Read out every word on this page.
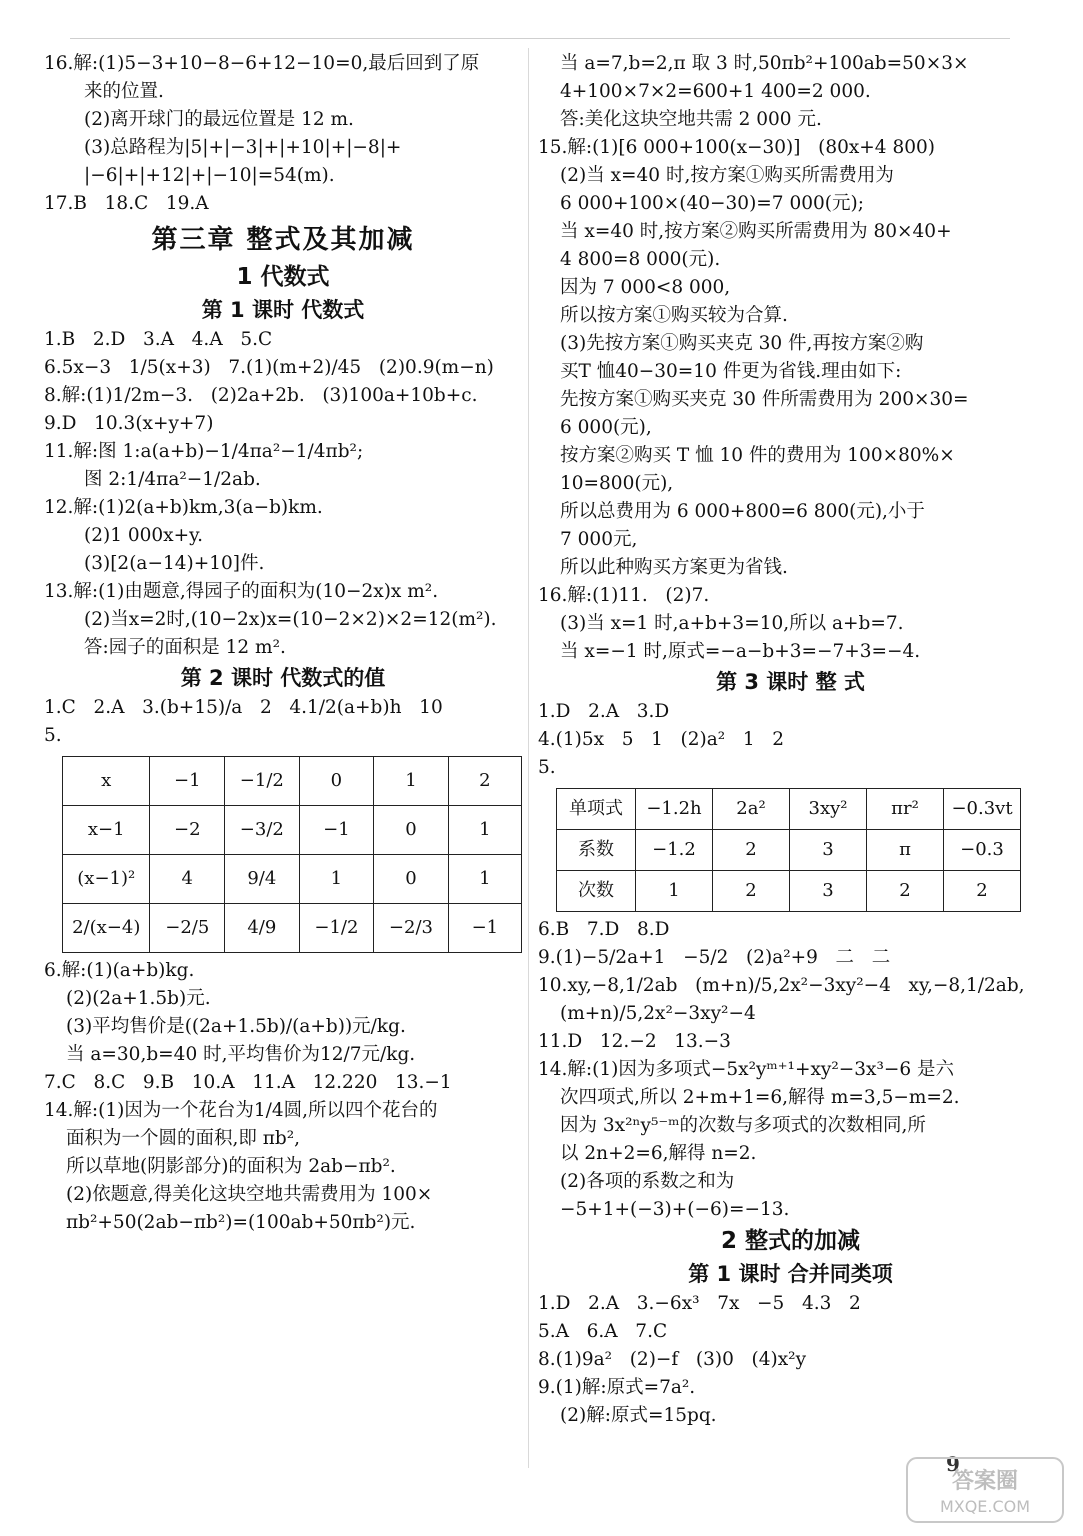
16.解:(1)5−3+10−8−6+12−10=0,最后回到了原

来的位置.

(2)离开球门的最远位置是 12 m.

(3)总路程为|5|+|−3|+|+10|+|−8|+

|−6|+|+12|+|−10|=54(m).

17.B   18.C   19.A

第三章 整式及其加减

1 代数式

第 1 课时 代数式

1.B   2.D   3.A   4.A   5.C

6.5x−3   1/5(x+3)   7.(1)(m+2)/45   (2)0.9(m−n)

8.解:(1)1/2m−3.   (2)2a+2b.   (3)100a+10b+c.

9.D   10.3(x+y+7)

11.解:图 1:a(a+b)−1/4πa²−1/4πb²;

图 2:1/4πa²−1/2ab.

12.解:(1)2(a+b)km,3(a−b)km.

(2)1 000x+y.

(3)[2(a−14)+10]件.

13.解:(1)由题意,得园子的面积为(10−2x)x m².

(2)当x=2时,(10−2x)x=(10−2×2)×2=12(m²).

答:园子的面积是 12 m².

第 2 课时 代数式的值

1.C   2.A   3.(b+15)/a   2   4.1/2(a+b)h   10

5.

x	−1	−1/2	0	1	2
x−1	−2	−3/2	−1	0	1
(x−1)²	4	9/4	1	0	1
2/(x−4)	−2/5	4/9	−1/2	−2/3	−1

6.解:(1)(a+b)kg.

(2)(2a+1.5b)元.

(3)平均售价是((2a+1.5b)/(a+b))元/kg.

当 a=30,b=40 时,平均售价为12/7元/kg.

7.C   8.C   9.B   10.A   11.A   12.220   13.−1

14.解:(1)因为一个花台为1/4圆,所以四个花台的

面积为一个圆的面积,即 πb²,

所以草地(阴影部分)的面积为 2ab−πb².

(2)依题意,得美化这块空地共需费用为 100×

πb²+50(2ab−πb²)=(100ab+50πb²)元.

当 a=7,b=2,π 取 3 时,50πb²+100ab=50×3×

4+100×7×2=600+1 400=2 000.

答:美化这块空地共需 2 000 元.

15.解:(1)[6 000+100(x−30)]   (80x+4 800)

(2)当 x=40 时,按方案①购买所需费用为

6 000+100×(40−30)=7 000(元);

当 x=40 时,按方案②购买所需费用为 80×40+

4 800=8 000(元).

因为 7 000<8 000,

所以按方案①购买较为合算.

(3)先按方案①购买夹克 30 件,再按方案②购

买T 恤40−30=10 件更为省钱.理由如下:

先按方案①购买夹克 30 件所需费用为 200×30=

6 000(元),

按方案②购买 T 恤 10 件的费用为 100×80%×

10=800(元),

所以总费用为 6 000+800=6 800(元),小于

7 000元,

所以此种购买方案更为省钱.

16.解:(1)11.   (2)7.

(3)当 x=1 时,a+b+3=10,所以 a+b=7.

当 x=−1 时,原式=−a−b+3=−7+3=−4.

第 3 课时 整 式

1.D   2.A   3.D

4.(1)5x   5   1   (2)a²   1   2

5.

单项式	−1.2h	2a²	3xy²	πr²	−0.3vt
系数	−1.2	2	3	π	−0.3
次数	1	2	3	2	2

6.B   7.D   8.D

9.(1)−5/2a+1   −5/2   (2)a²+9   二   二

10.xy,−8,1/2ab   (m+n)/5,2x²−3xy²−4   xy,−8,1/2ab,

(m+n)/5,2x²−3xy²−4

11.D   12.−2   13.−3

14.解:(1)因为多项式−5x²yᵐ⁺¹+xy²−3x³−6 是六

次四项式,所以 2+m+1=6,解得 m=3,5−m=2.

因为 3x²ⁿy⁵⁻ᵐ的次数与多项式的次数相同,所

以 2n+2=6,解得 n=2.

(2)各项的系数之和为

−5+1+(−3)+(−6)=−13.

2 整式的加减

第 1 课时 合并同类项

1.D   2.A   3.−6x³   7x   −5   4.3   2

5.A   6.A   7.C

8.(1)9a²   (2)−f   (3)0   (4)x²y

9.(1)解:原式=7a².

(2)解:原式=15pq.

9
答案圈
MXQE.COM
